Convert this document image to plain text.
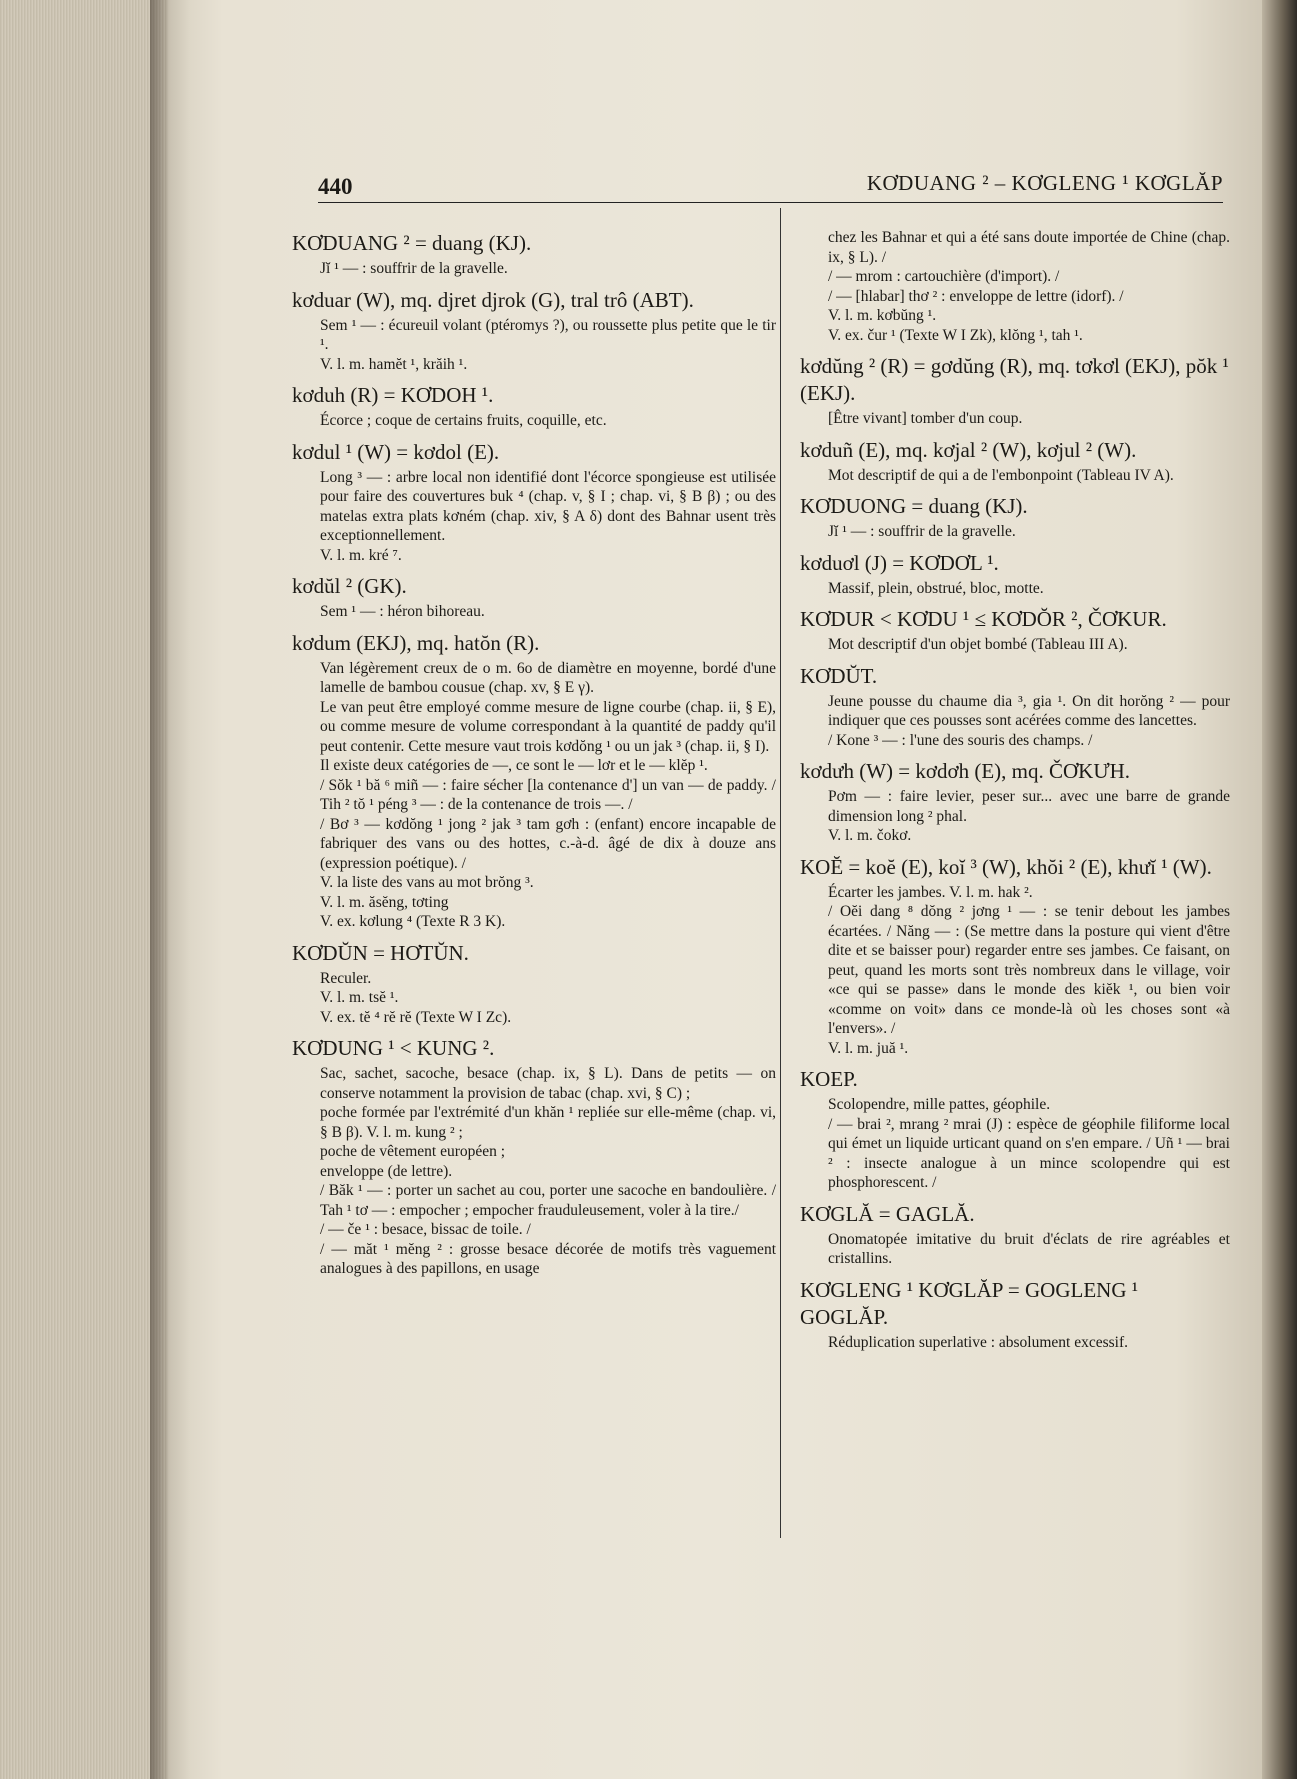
440	KƠDUANG ² – KƠGLENG ¹ KƠGLĂP
KƠDUANG ² = duang (KJ).
Jĭ ¹ — : souffrir de la gravelle.
kơduar (W), mq. djret djrok (G), tral trô (ABT).
Sem ¹ — : écureuil volant (ptéromys ?), ou roussette plus petite que le tir ¹.
V. l. m. hamĕt ¹, krăih ¹.
kơduh (R) = KƠDOH ¹.
Écorce ; coque de certains fruits, coquille, etc.
kơdul ¹ (W) = kơdol (E).
Long ³ — : arbre local non identifié dont l'écorce spongieuse est utilisée pour faire des couvertures buk ⁴ (chap. v, § I ; chap. vi, § B β) ; ou des matelas extra plats kơném (chap. xiv, § A δ) dont des Bahnar usent très exceptionnellement.
V. l. m. kré ⁷.
kơdŭl ² (GK).
Sem ¹ — : héron bihoreau.
kơdum (EKJ), mq. hatŏn (R).
Van légèrement creux de o m. 6o de diamètre en moyenne, bordé d'une lamelle de bambou cousue (chap. xv, § E γ).
Le van peut être employé comme mesure de ligne courbe (chap. ii, § E), ou comme mesure de volume correspondant à la quantité de paddy qu'il peut contenir. Cette mesure vaut trois kơdŏng ¹ ou un jak ³ (chap. ii, § I).
Il existe deux catégories de —, ce sont le — lơr et le — klĕp ¹.
/ Sŏk ¹ bă ⁶ miñ — : faire sécher [la contenance d'] un van — de paddy. / Tih ² tŏ ¹ péng ³ — : de la contenance de trois —. /
/ Bơ ³ — kơdŏng ¹ jong ² jak ³ tam gơh : (enfant) encore incapable de fabriquer des vans ou des hottes, c.-à-d. âgé de dix à douze ans (expression poétique). /
V. la liste des vans au mot brŏng ³.
V. l. m. ăsĕng, tơting
V. ex. kơlung ⁴ (Texte R 3 K).
KƠDŬN = HƠTŬN.
Reculer.
V. l. m. tsĕ ¹.
V. ex. tĕ ⁴ rĕ rĕ (Texte W I Zc).
KƠDUNG ¹ < KUNG ².
Sac, sachet, sacoche, besace (chap. ix, § L). Dans de petits — on conserve notamment la provision de tabac (chap. xvi, § C) ;
poche formée par l'extrémité d'un khăn ¹ repliée sur elle-même (chap. vi, § B β). V. l. m. kung ² ;
poche de vêtement européen ;
enveloppe (de lettre).
/ Băk ¹ — : porter un sachet au cou, porter une sacoche en bandoulière. / Tah ¹ tơ — : empocher ; empocher frauduleusement, voler à la tire./
/ — če ¹ : besace, bissac de toile. /
/ — măt ¹ mĕng ² : grosse besace décorée de motifs très vaguement analogues à des papillons, en usage
chez les Bahnar et qui a été sans doute importée de Chine (chap. ix, § L). /
/ — mrom : cartouchière (d'import). /
/ — [hlabar] thơ ² : enveloppe de lettre (idorf). /
V. l. m. kơbŭng ¹.
V. ex. čur ¹ (Texte W I Zk), klŏng ¹, tah ¹.
kơdŭng ² (R) = gơdŭng (R), mq. tơkơl (EKJ), pŏk ¹ (EKJ).
[Être vivant] tomber d'un coup.
kơduñ (E), mq. kơjal ² (W), kơjul ² (W).
Mot descriptif de qui a de l'embonpoint (Tableau IV A).
KƠDUONG = duang (KJ).
Jĭ ¹ — : souffrir de la gravelle.
kơduơl (J) = KƠDƠL ¹.
Massif, plein, obstrué, bloc, motte.
KƠDUR < KƠDU ¹ ≤ KƠDŎR ², ČƠKUR.
Mot descriptif d'un objet bombé (Tableau III A).
KƠDŬT.
Jeune pousse du chaume dia ³, gia ¹. On dit horŏng ² — pour indiquer que ces pousses sont acérées comme des lancettes.
/ Kone ³ — : l'une des souris des champs. /
kơdưh (W) = kơdơh (E), mq. ČƠKƯH.
Pơm — : faire levier, peser sur... avec une barre de grande dimension long ² phal.
V. l. m. čokơ.
KOĔ = koĕ (E), koĭ ³ (W), khŏi ² (E), khưĭ ¹ (W).
Écarter les jambes. V. l. m. hak ².
/ Oĕi dang ⁸ dŏng ² jơng ¹ — : se tenir debout les jambes écartées. / Năng — : (Se mettre dans la posture qui vient d'être dite et se baisser pour) regarder entre ses jambes. Ce faisant, on peut, quand les morts sont très nombreux dans le village, voir «ce qui se passe» dans le monde des kiĕk ¹, ou bien voir «comme on voit» dans ce monde-là où les choses sont «à l'envers». /
V. l. m. juă ¹.
KOEP.
Scolopendre, mille pattes, géophile.
/ — brai ², mrang ² mrai (J) : espèce de géophile filiforme local qui émet un liquide urticant quand on s'en empare. / Uñ ¹ — brai ² : insecte analogue à un mince scolopendre qui est phosphorescent. /
KƠGLĂ = GAGLĂ.
Onomatopée imitative du bruit d'éclats de rire agréables et cristallins.
KƠGLENG ¹ KƠGLĂP = GOGLENG ¹ GOGLĂP.
Réduplication superlative : absolument excessif.
